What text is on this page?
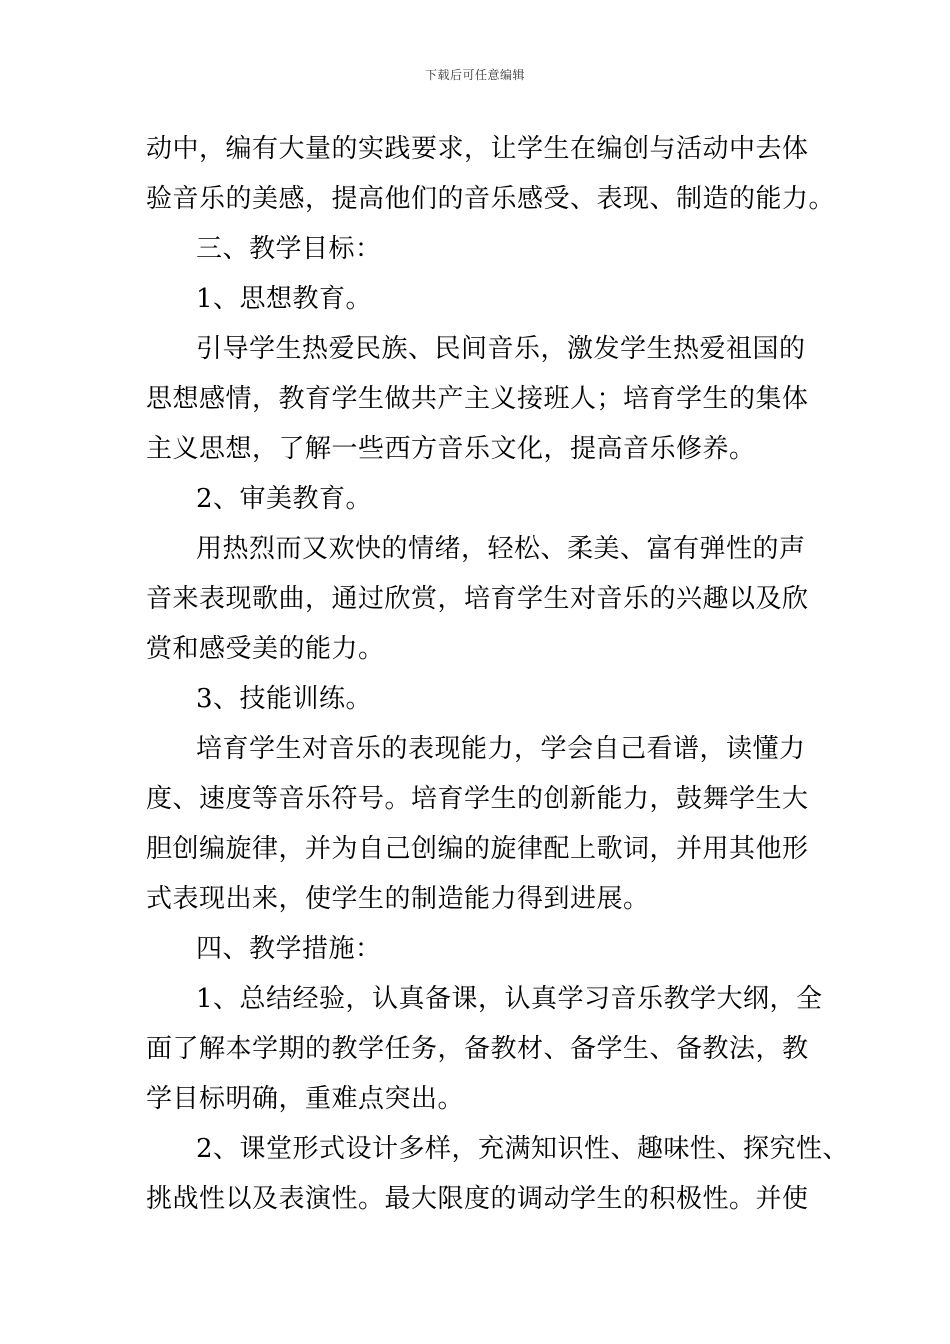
下载后可任意编辑
动中，编有大量的实践要求，让学生在编创与活动中去体
验音乐的美感，提高他们的音乐感受、表现、制造的能力。
三、教学目标：
1、思想教育。
引导学生热爱民族、民间音乐，激发学生热爱祖国的
思想感情，教育学生做共产主义接班人；培育学生的集体
主义思想，了解一些西方音乐文化，提高音乐修养。
2、审美教育。
用热烈而又欢快的情绪，轻松、柔美、富有弹性的声
音来表现歌曲，通过欣赏，培育学生对音乐的兴趣以及欣
赏和感受美的能力。
3、技能训练。
培育学生对音乐的表现能力，学会自己看谱，读懂力
度、速度等音乐符号。培育学生的创新能力，鼓舞学生大
胆创编旋律，并为自己创编的旋律配上歌词，并用其他形
式表现出来，使学生的制造能力得到进展。
四、教学措施：
1、总结经验，认真备课，认真学习音乐教学大纲，全
面了解本学期的教学任务，备教材、备学生、备教法，教
学目标明确，重难点突出。
2、课堂形式设计多样，充满知识性、趣味性、探究性、
挑战性以及表演性。最大限度的调动学生的积极性。并使
